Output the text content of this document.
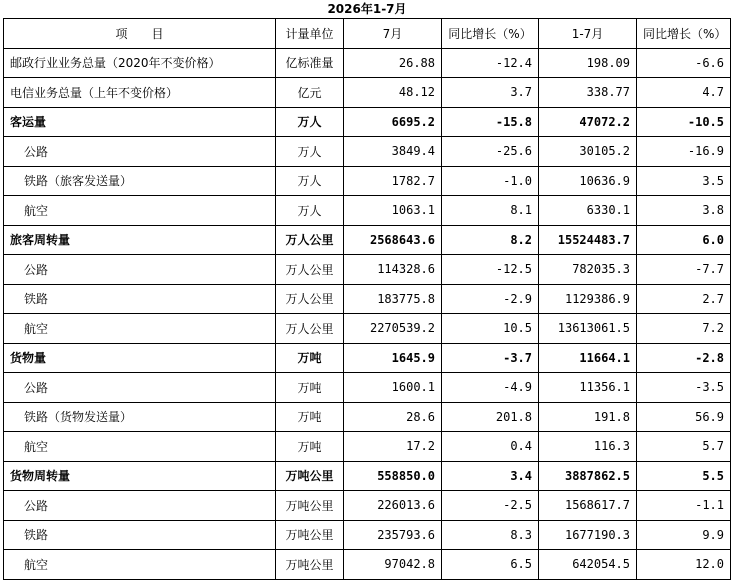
2026年1-7月
项　　目	计量单位	7月	同比增长（%）	1-7月	同比增长（%）
邮政行业业务总量（2020年不变价格）	亿标准量	26.88	-12.4	198.09	-6.6
电信业务总量（上年不变价格）	亿元	48.12	3.7	338.77	4.7
客运量	万人	6695.2	-15.8	47072.2	-10.5
公路	万人	3849.4	-25.6	30105.2	-16.9
铁路（旅客发送量）	万人	1782.7	-1.0	10636.9	3.5
航空	万人	1063.1	8.1	6330.1	3.8
旅客周转量	万人公里	2568643.6	8.2	15524483.7	6.0
公路	万人公里	114328.6	-12.5	782035.3	-7.7
铁路	万人公里	183775.8	-2.9	1129386.9	2.7
航空	万人公里	2270539.2	10.5	13613061.5	7.2
货物量	万吨	1645.9	-3.7	11664.1	-2.8
公路	万吨	1600.1	-4.9	11356.1	-3.5
铁路（货物发送量）	万吨	28.6	201.8	191.8	56.9
航空	万吨	17.2	0.4	116.3	5.7
货物周转量	万吨公里	558850.0	3.4	3887862.5	5.5
公路	万吨公里	226013.6	-2.5	1568617.7	-1.1
铁路	万吨公里	235793.6	8.3	1677190.3	9.9
航空	万吨公里	97042.8	6.5	642054.5	12.0
